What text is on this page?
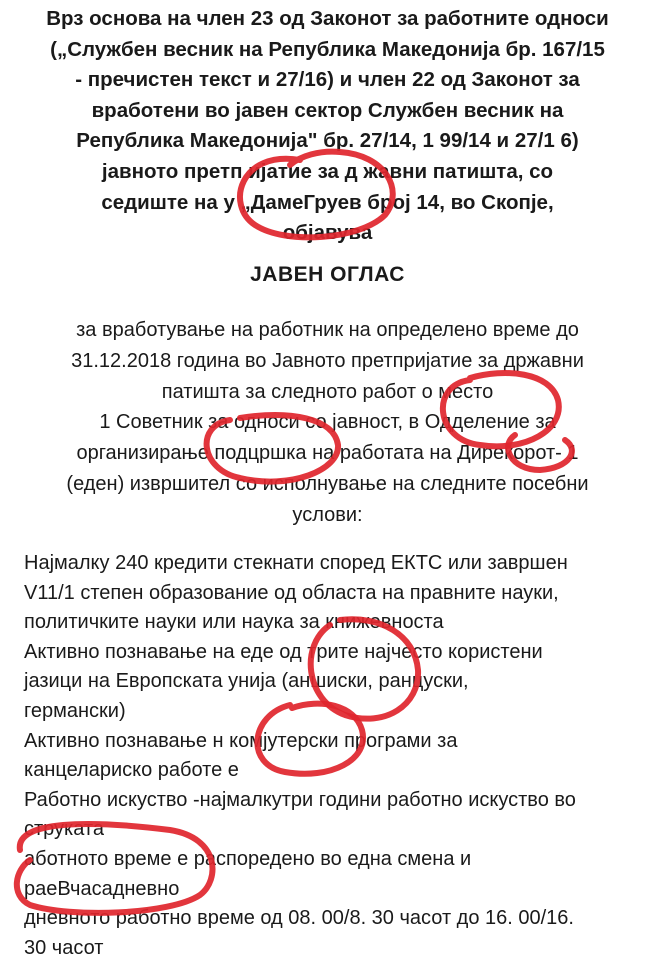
Врз основа на член 23 од Законот за работните односи
(„Службен весник на Република Македонија бр. 167/15
- пречистен текст и 27/16) и член 22 од Законот за
вработени во јавен сектор Службен весник на
Република Македонија" бр. 27/14, 1 99/14 и 27/1 6)
јавното претп ијатие за д жавни патишта, со
седиште на у „ДамеГруев броj 14, во Скопје,
објавува
ЈАВЕН ОГЛАС
за вработување на работник на определено време до
31.12.2018 година во Јавното претпријатие за државни
патишта за следното работ о место
1 Советник за одноcи со јавност, в Одделение за
организирање подцршка на работата на Дирекорот- 1
(еден) извршител со исполнување на следните посебни
услови:
Најмалку 240 кредити стекнати според ЕКТС или завршен
V11/1 степен образование од областа на правните науки,
политичките науки или наука за книжевноста
Активно познавање на еде од трите најчесто користени
јазици на Европската унија (аншиски, ранцуски,
германски)
Активно познавање н комјутерски програми за
канцелариско работе е
Работно искуство -најмалкутри години работно искуство во
струката
аботното време е распоредено во една смена и
раеВчасадневно
дневното работно време од 08. 00/8. 30 часот до 16. 00/16.
30 часот
